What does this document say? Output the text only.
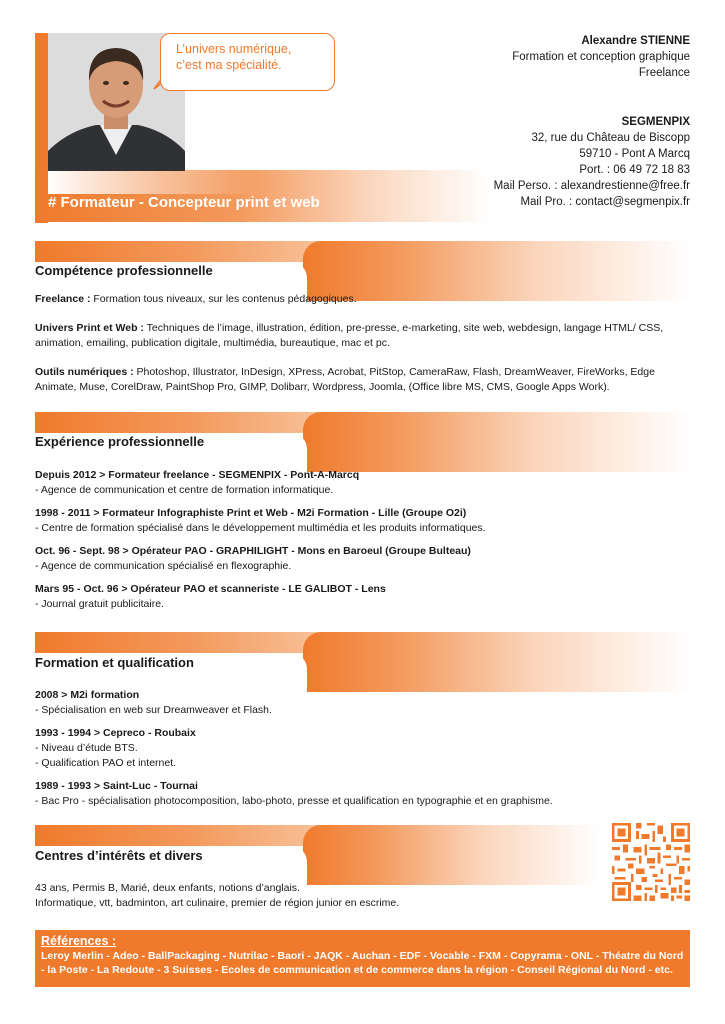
# Formateur - Concepteur print et web
L’univers numérique,
c’est ma spécialité.
Alexandre STIENNE
Formation et conception graphique
Freelance
SEGMENPIX
32, rue du Château de Biscopp
59710 - Pont A Marcq
Port. : 06 49 72 18 83
Mail Perso. : alexandrestienne@free.fr
Mail Pro. : contact@segmenpix.fr
Compétence professionnelle

Freelance : Formation tous niveaux, sur les contenus pédagogiques.

Univers Print et Web : Techniques de l’image, illustration, édition, pre-presse, e-marketing, site web, webdesign, langage HTML/ CSS, animation, emailing, publication digitale, multimédia, bureautique, mac et pc.

Outils numériques : Photoshop, Illustrator, InDesign, XPress, Acrobat, PitStop, CameraRaw, Flash, DreamWeaver, FireWorks, Edge Animate, Muse, CorelDraw, PaintShop Pro, GIMP, Dolibarr, Wordpress, Joomla, (Office libre MS, CMS, Google Apps Work).

Expérience professionnelle
Depuis 2012 > Formateur freelance - SEGMENPIX - Pont-A-Marcq
- Agence de communication et centre de formation informatique.
1998 - 2011 > Formateur Infographiste Print et Web - M2i Formation - Lille (Groupe O2i)
- Centre de formation spécialisé dans le développement multimédia et les produits informatiques.
Oct. 96 - Sept. 98 > Opérateur PAO - GRAPHILIGHT - Mons en Baroeul (Groupe Bulteau)
- Agence de communication spécialisé en flexographie.
Mars 95 - Oct. 96 > Opérateur PAO et scanneriste - LE GALIBOT - Lens
- Journal gratuit publicitaire.
Formation et qualification
2008 > M2i formation
- Spécialisation en web sur Dreamweaver et Flash.
1993 - 1994 > Cepreco - Roubaix
- Niveau d’étude BTS.
- Qualification PAO et internet.
1989 - 1993 > Saint-Luc - Tournai
- Bac Pro - spécialisation photocomposition, labo-photo, presse et qualification en typographie et en graphisme.
Centres d’intérêts et divers
43 ans, Permis B, Marié, deux enfants, notions d’anglais.
Informatique, vtt, badminton, art culinaire, premier de région junior en escrime.
Références :
Leroy Merlin - Adeo - BallPackaging - Nutrilac - Baori - JAQK - Auchan - EDF - Vocable - FXM - Copyrama - ONL - Théatre du Nord
- la Poste - La Redoute - 3 Suisses - Ecoles de communication et de commerce dans la région - Conseil Régional du Nord - etc.
